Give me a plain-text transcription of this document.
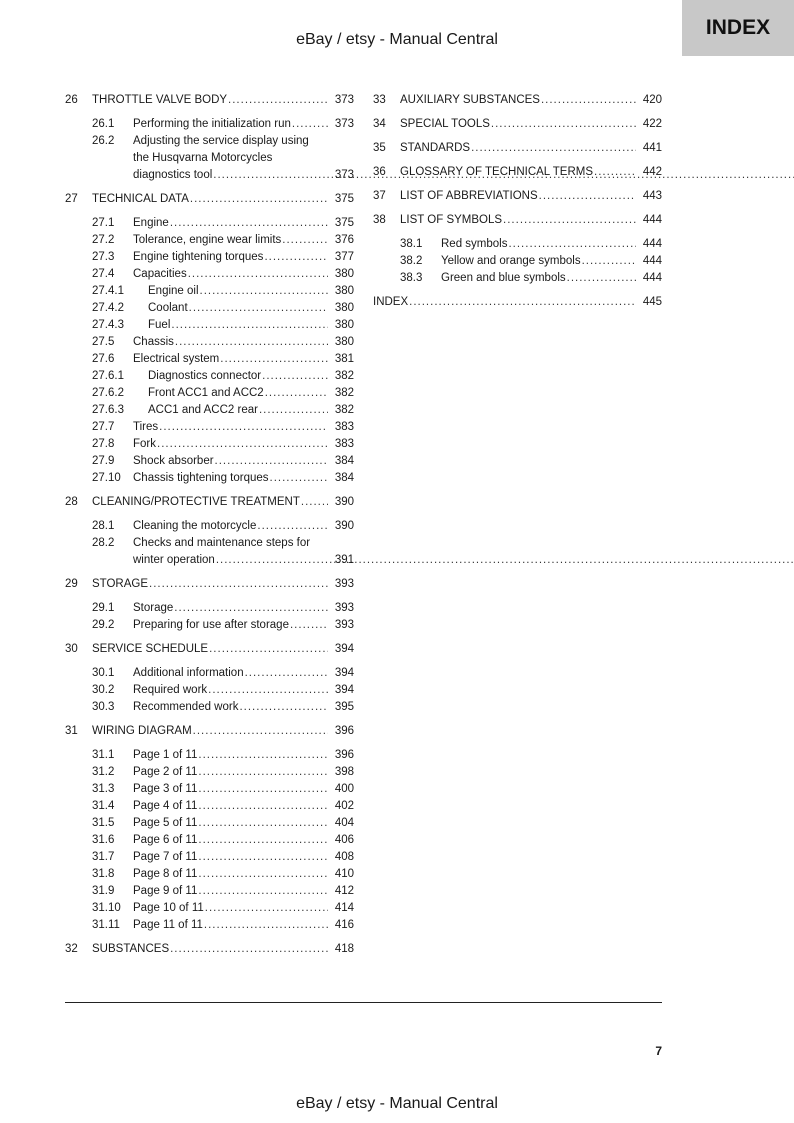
INDEX
eBay / etsy - Manual Central
26	THROTTLE VALVE BODY .....	373
26.1	Performing the initialization run .....	373
26.2	Adjusting the service display using
the Husqvarna Motorcycles
diagnostics tool .....	373
27	TECHNICAL DATA .....	375
27.1	Engine .....	375
27.2	Tolerance, engine wear limits .....	376
27.3	Engine tightening torques .....	377
27.4	Capacities .....	380
27.4.1	Engine oil .....	380
27.4.2	Coolant .....	380
27.4.3	Fuel .....	380
27.5	Chassis .....	380
27.6	Electrical system .....	381
27.6.1	Diagnostics connector .....	382
27.6.2	Front ACC1 and ACC2 .....	382
27.6.3	ACC1 and ACC2 rear .....	382
27.7	Tires .....	383
27.8	Fork .....	383
27.9	Shock absorber .....	384
27.10	Chassis tightening torques .....	384
28	CLEANING/PROTECTIVE TREATMENT .....	390
28.1	Cleaning the motorcycle .....	390
28.2	Checks and maintenance steps for
winter operation .....	391
29	STORAGE .....	393
29.1	Storage .....	393
29.2	Preparing for use after storage .....	393
30	SERVICE SCHEDULE .....	394
30.1	Additional information .....	394
30.2	Required work .....	394
30.3	Recommended work .....	395
31	WIRING DIAGRAM .....	396
31.1	Page 1 of 11 .....	396
31.2	Page 2 of 11 .....	398
31.3	Page 3 of 11 .....	400
31.4	Page 4 of 11 .....	402
31.5	Page 5 of 11 .....	404
31.6	Page 6 of 11 .....	406
31.7	Page 7 of 11 .....	408
31.8	Page 8 of 11 .....	410
31.9	Page 9 of 11 .....	412
31.10	Page 10 of 11 .....	414
31.11	Page 11 of 11 .....	416
32	SUBSTANCES .....	418
33	AUXILIARY SUBSTANCES .....	420
34	SPECIAL TOOLS .....	422
35	STANDARDS .....	441
36	GLOSSARY OF TECHNICAL TERMS .....	442
37	LIST OF ABBREVIATIONS .....	443
38	LIST OF SYMBOLS .....	444
38.1	Red symbols .....	444
38.2	Yellow and orange symbols .....	444
38.3	Green and blue symbols .....	444
INDEX .....	445
7
eBay / etsy - Manual Central
